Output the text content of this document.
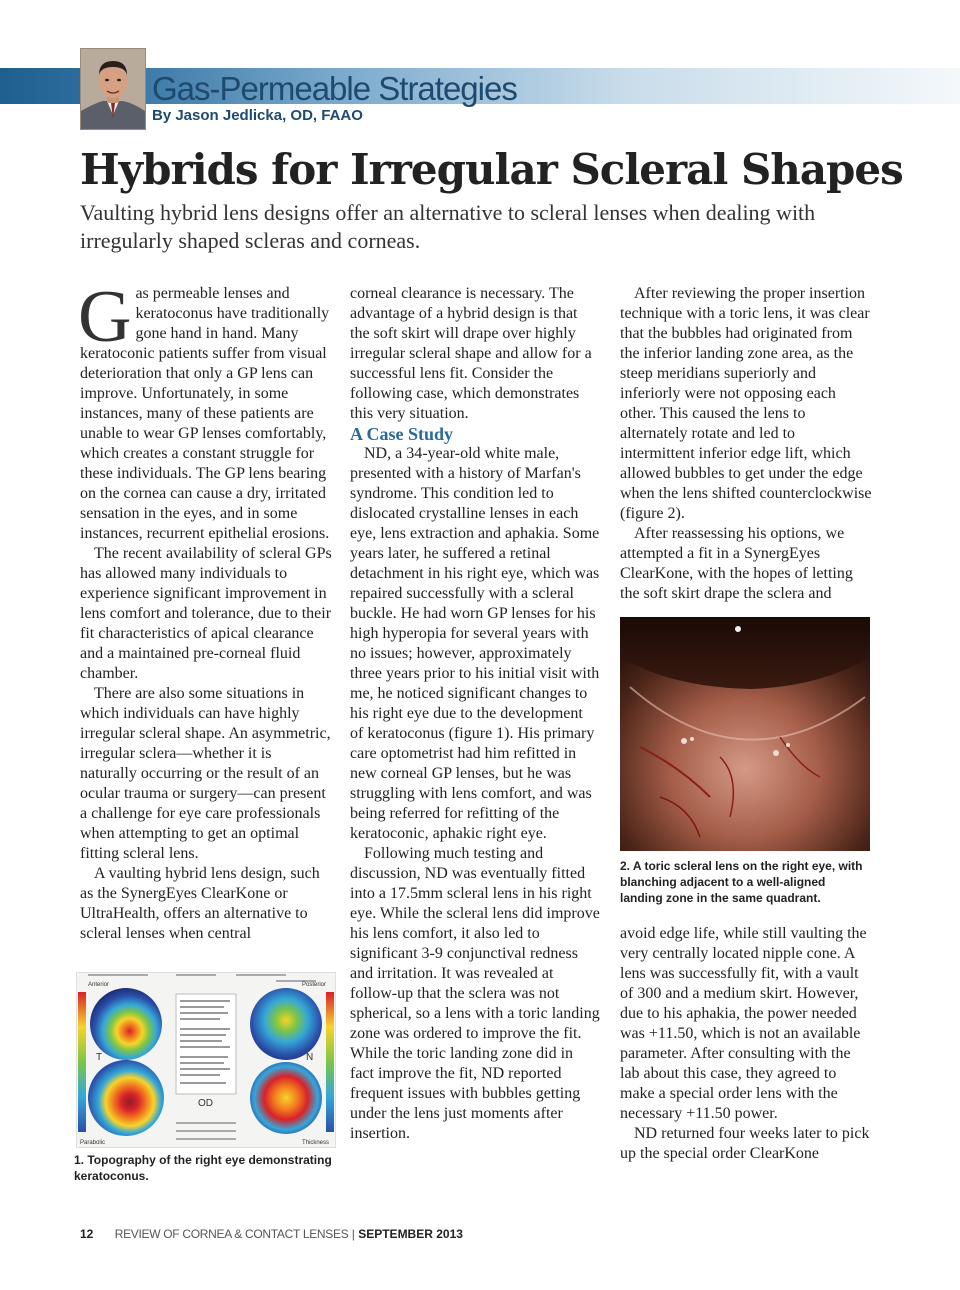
Gas-Permeable Strategies
By Jason Jedlicka, OD, FAAO
Hybrids for Irregular Scleral Shapes
Vaulting hybrid lens designs offer an alternative to scleral lenses when dealing with irregularly shaped scleras and corneas.

Gas permeable lenses and keratoconus have traditionally gone hand in hand. Many keratoconic patients suffer from visual deterioration that only a GP lens can improve. Unfortunately, in some instances, many of these patients are unable to wear GP lenses comfortably, which creates a constant struggle for these individuals. The GP lens bearing on the cornea can cause a dry, irritated sensation in the eyes, and in some instances, recurrent epithelial erosions.

The recent availability of scleral GPs has allowed many individuals to experience significant improvement in lens comfort and tolerance, due to their fit characteristics of apical clearance and a maintained pre-corneal fluid chamber.

There are also some situations in which individuals can have highly irregular scleral shape. An asymmetric, irregular sclera—whether it is naturally occurring or the result of an ocular trauma or surgery—can present a challenge for eye care professionals when attempting to get an optimal fitting scleral lens.

A vaulting hybrid lens design, such as the SynergEyes ClearKone or UltraHealth, offers an alternative to scleral lenses when central

T	N
OD
Anterior	Posterior
Parabolic	Thickness
1. Topography of the right eye demonstrating keratoconus.

corneal clearance is necessary. The advantage of a hybrid design is that the soft skirt will drape over highly irregular scleral shape and allow for a successful lens fit. Consider the following case, which demonstrates this very situation.

A Case Study

ND, a 34-year-old white male, presented with a history of Marfan's syndrome. This condition led to dislocated crystalline lenses in each eye, lens extraction and aphakia. Some years later, he suffered a retinal detachment in his right eye, which was repaired successfully with a scleral buckle. He had worn GP lenses for his high hyperopia for several years with no issues; however, approximately three years prior to his initial visit with me, he noticed significant changes to his right eye due to the development of keratoconus (figure 1). His primary care optometrist had him refitted in new corneal GP lenses, but he was struggling with lens comfort, and was being referred for refitting of the keratoconic, aphakic right eye.

Following much testing and discussion, ND was eventually fitted into a 17.5mm scleral lens in his right eye. While the scleral lens did improve his lens comfort, it also led to significant 3-9 conjunctival redness and irritation. It was revealed at follow-up that the sclera was not spherical, so a lens with a toric landing zone was ordered to improve the fit. While the toric landing zone did in fact improve the fit, ND reported frequent issues with bubbles getting under the lens just moments after insertion.

After reviewing the proper insertion technique with a toric lens, it was clear that the bubbles had originated from the inferior landing zone area, as the steep meridians superiorly and inferiorly were not opposing each other. This caused the lens to alternately rotate and led to intermittent inferior edge lift, which allowed bubbles to get under the edge when the lens shifted counterclockwise (figure 2).

After reassessing his options, we attempted a fit in a SynergEyes ClearKone, with the hopes of letting the soft skirt drape the sclera and

2. A toric scleral lens on the right eye, with blanching adjacent to a well-aligned landing zone in the same quadrant.

avoid edge life, while still vaulting the very centrally located nipple cone. A lens was successfully fit, with a vault of 300 and a medium skirt. However, due to his aphakia, the power needed was +11.50, which is not an available parameter. After consulting with the lab about this case, they agreed to make a special order lens with the necessary +11.50 power.

ND returned four weeks later to pick up the special order ClearKone

12 REVIEW OF CORNEA & CONTACT LENSES | SEPTEMBER 2013
